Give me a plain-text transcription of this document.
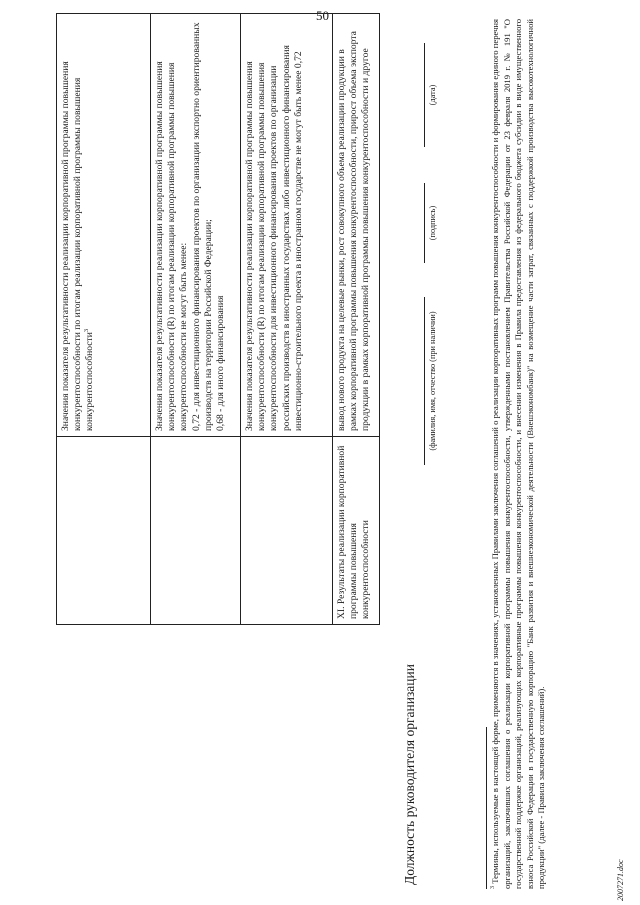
50

Значения показателя результативности реализации корпоративной программы повышения конкурентоспособности по итогам реализации корпоративной программы повышения конкурентоспособности$^3$	Значения показателя результативности реализации корпоративной программы повышения конкурентоспособности (R) по итогам реализации корпоративной программы повышения конкурентоспособности не могут быть менее: 0,72 - для инвестиционного финансирования проектов по организации экспортно ориентированных производств на территории Российской Федерации; 0,68 - для иного финансирования Значения показателя результативности реализации корпоративной программы повышения конкурентоспособности (R) по итогам реализации корпоративной программы повышения конкурентоспособности для инвестиционного финансирования проектов по организации российских производств в иностранных государствах либо инвестиционного финансирования инвестиционно-строительного проекта в иностранном государстве не могут быть менее 0,72

XI. Результаты реализации корпоративной программы повышения конкурентоспособности

вывод нового продукта на целевые рынки, рост совокупного объема реализации продукции в рамках корпоративной программы повышения конкурентоспособности, прирост объема экспорта продукции в рамках корпоративной программы повышения конкурентоспособности и другое

Должность руководителя организации
(фамилия, имя, отчество (при наличии)
(подпись)
(дата)
$^3$ Термины, используемые в настоящей форме, применяются в значениях, установленных Правилами заключения соглашений о реализации корпоративных программ повышения конкурентоспособности и формирования единого перечня организаций, заключивших соглашения о реализации корпоративной программы повышения конкурентоспособности, утвержденными постановлением Правительства Российской Федерации от 23 февраля 2019 г. № 191 "О государственной поддержке организаций, реализующих корпоративные программы повышения конкурентоспособности, и внесении изменения в Правила предоставления из федерального бюджета субсидии в виде имущественного взноса Российской Федерации в государственную корпорацию "Банк развития и внешнеэкономической деятельности (Внешэкономбанк)" на возмещение части затрат, связанных с поддержкой производства высокотехнологичной продукции" (далее - Правила заключения соглашений).	2007271.doc
